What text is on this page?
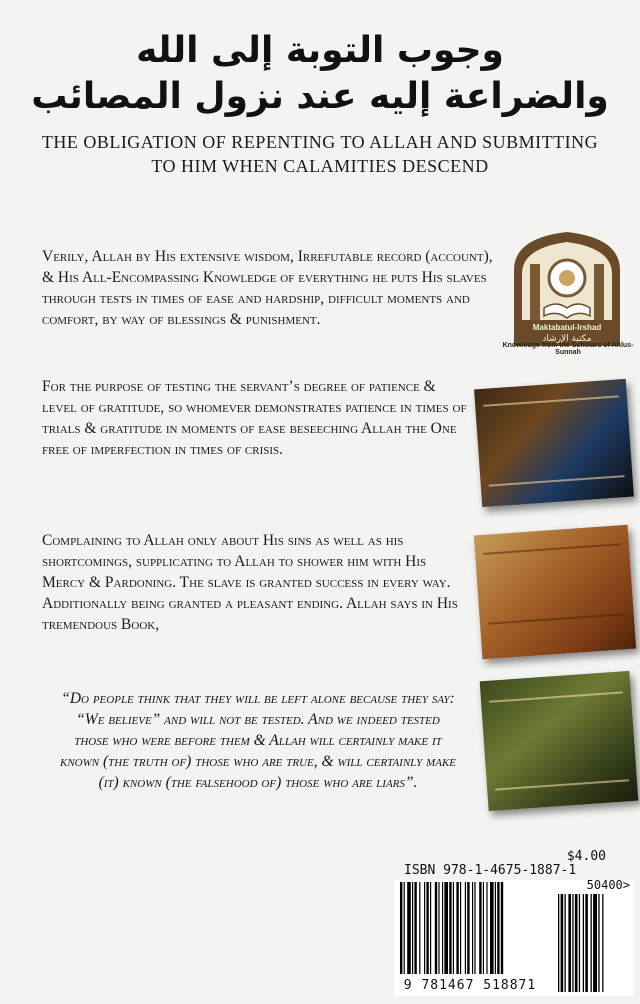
وجوب التوبة إلى الله
والضراعة إليه عند نزول المصائب
THE OBLIGATION OF REPENTING TO ALLAH AND SUBMITTING TO HIM WHEN CALAMITIES DESCEND
Verily, Allah by His extensive wisdom, Irrefutable record (account), & His All-Encompassing Knowledge of everything he puts His slaves through tests in times of ease and hardship, difficult moments and comfort, by way of blessings & punishment.
For the purpose of testing the servant’s degree of patience & level of gratitude, so whomever demonstrates patience in times of trials & gratitude in moments of ease beseeching Allah the One free of imperfection in times of crisis.
Complaining to Allah only about His sins as well as his shortcomings, supplicating to Allah to shower him with His Mercy & Pardoning. The slave is granted success in every way. Additionally being granted a pleasant ending. Allah says in His tremendous Book,
“Do people think that they will be left alone because they say: “We believe” and will not be tested. And we indeed tested those who were before them & Allah will certainly make it known (the truth of) those who are true, & will certainly make (it) known (the falsehood of) those who are liars”.
Maktabatul-Irshad
مكتبة الإرشاد
Knowledge from the Scholars of Ahlus-Sunnah
$4.00
ISBN 978-1-4675-1887-1
50400>
9 781467 518871
